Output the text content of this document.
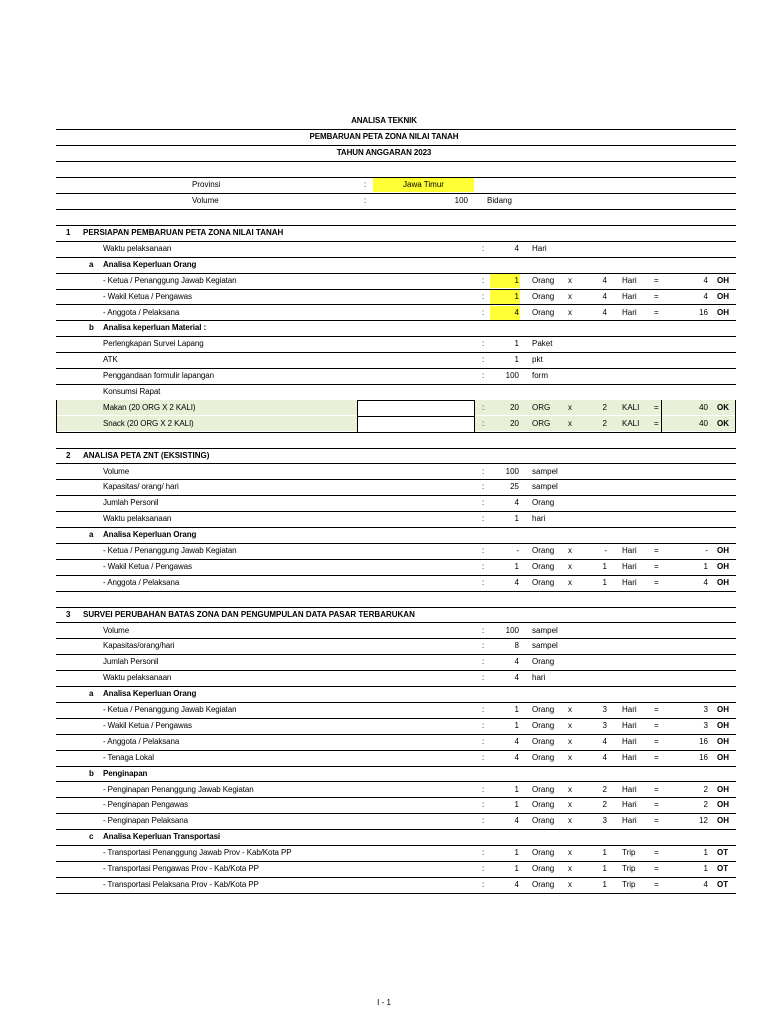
ANALISA TEKNIK
PEMBARUAN PETA ZONA NILAI TANAH
TAHUN ANGGARAN 2023
Provinsi	:	Jawa Timur
Volume	:	100 Bidang
1 PERSIAPAN PEMBARUAN PETA ZONA NILAI TANAH
Waktu pelaksanaan	:	4 Hari
a Analisa Keperluan Orang
- Ketua / Penanggung Jawab Kegiatan	:	1 Orang x	4 Hari =	4 OH
- Wakil Ketua / Pengawas	:	1 Orang x	4 Hari =	4 OH
- Anggota / Pelaksana	:	4 Orang x	4 Hari =	16 OH
b Analisa keperluan Material :
Perlengkapan Survei Lapang	:	1 Paket
ATK	:	1 pkt
Penggandaan formulir lapangan	:	100 form
Konsumsi Rapat
Makan (20 ORG X 2 KALI)	:	20 ORG x	2 KALI =	40 OK
Snack (20 ORG X 2 KALI)	:	20 ORG x	2 KALI =	40 OK
2 ANALISA PETA ZNT (EKSISTING)
Volume	:	100 sampel
Kapasitas/ orang/ hari	:	25 sampel
Jumlah Personil	:	4 Orang
Waktu pelaksanaan	:	1 hari
a Analisa Keperluan Orang
- Ketua / Penanggung Jawab Kegiatan	:	- Orang x	- Hari =	- OH
- Wakil Ketua / Pengawas	:	1 Orang x	1 Hari =	1 OH
- Anggota / Pelaksana	:	4 Orang x	1 Hari =	4 OH
3 SURVEI PERUBAHAN BATAS ZONA DAN PENGUMPULAN DATA PASAR TERBARUKAN
Volume	:	100 sampel
Kapasitas/orang/hari	:	8 sampel
Jumlah Personil	:	4 Orang
Waktu pelaksanaan	:	4 hari
a Analisa Keperluan Orang
- Ketua / Penanggung Jawab Kegiatan	:	1 Orang x	3 Hari =	3 OH
- Wakil Ketua / Pengawas	:	1 Orang x	3 Hari =	3 OH
- Anggota / Pelaksana	:	4 Orang x	4 Hari =	16 OH
- Tenaga Lokal	:	4 Orang x	4 Hari =	16 OH
b Penginapan
- Penginapan Penanggung Jawab Kegiatan	:	1 Orang x	2 Hari =	2 OH
- Penginapan Pengawas	:	1 Orang x	2 Hari =	2 OH
- Penginapan Pelaksana	:	4 Orang x	3 Hari =	12 OH
c Analisa Keperluan Transportasi
- Transportasi Penanggung Jawab Prov - Kab/Kota PP	:	1 Orang x	1 Trip =	1 OT
- Transportasi Pengawas Prov - Kab/Kota PP	:	1 Orang x	1 Trip =	1 OT
- Transportasi Pelaksana Prov - Kab/Kota PP	:	4 Orang x	1 Trip =	4 OT
I - 1
